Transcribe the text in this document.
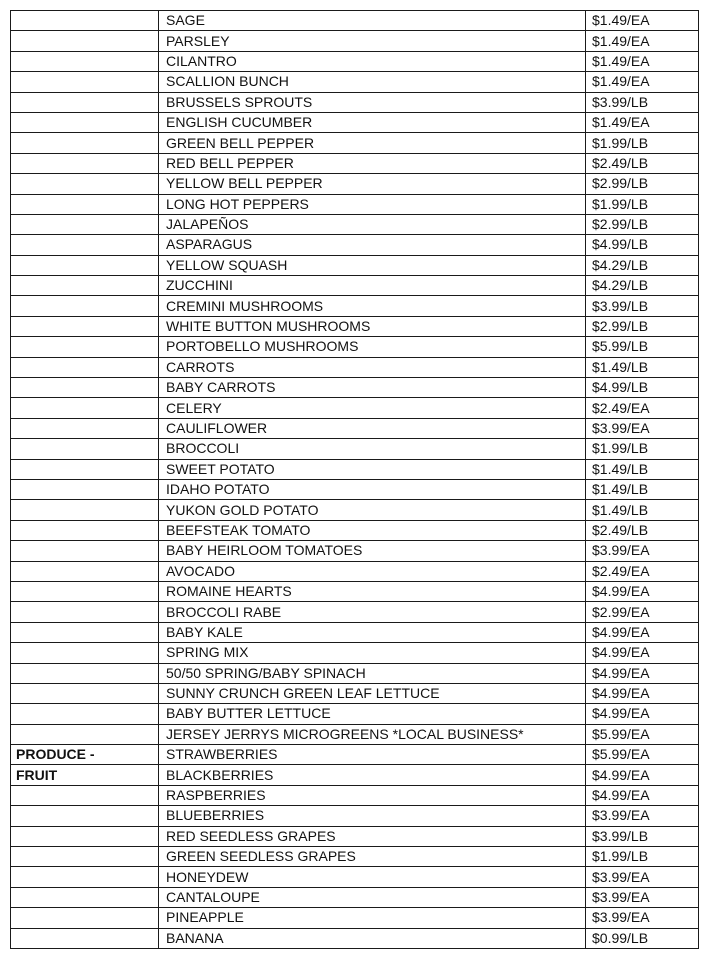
	SAGE	$1.49/EA
	PARSLEY	$1.49/EA
	CILANTRO	$1.49/EA
	SCALLION BUNCH	$1.49/EA
	BRUSSELS SPROUTS	$3.99/LB
	ENGLISH CUCUMBER	$1.49/EA
	GREEN BELL PEPPER	$1.99/LB
	RED BELL PEPPER	$2.49/LB
	YELLOW BELL PEPPER	$2.99/LB
	LONG HOT PEPPERS	$1.99/LB
	JALAPEÑOS	$2.99/LB
	ASPARAGUS	$4.99/LB
	YELLOW SQUASH	$4.29/LB
	ZUCCHINI	$4.29/LB
	CREMINI MUSHROOMS	$3.99/LB
	WHITE BUTTON MUSHROOMS	$2.99/LB
	PORTOBELLO MUSHROOMS	$5.99/LB
	CARROTS	$1.49/LB
	BABY CARROTS	$4.99/LB
	CELERY	$2.49/EA
	CAULIFLOWER	$3.99/EA
	BROCCOLI	$1.99/LB
	SWEET POTATO	$1.49/LB
	IDAHO POTATO	$1.49/LB
	YUKON GOLD POTATO	$1.49/LB
	BEEFSTEAK TOMATO	$2.49/LB
	BABY HEIRLOOM TOMATOES	$3.99/EA
	AVOCADO	$2.49/EA
	ROMAINE HEARTS	$4.99/EA
	BROCCOLI RABE	$2.99/EA
	BABY KALE	$4.99/EA
	SPRING MIX	$4.99/EA
	50/50 SPRING/BABY SPINACH	$4.99/EA
	SUNNY CRUNCH GREEN LEAF LETTUCE	$4.99/EA
	BABY BUTTER LETTUCE	$4.99/EA
	JERSEY JERRYS MICROGREENS *LOCAL BUSINESS*	$5.99/EA
PRODUCE -	STRAWBERRIES	$5.99/EA
FRUIT	BLACKBERRIES	$4.99/EA
	RASPBERRIES	$4.99/EA
	BLUEBERRIES	$3.99/EA
	RED SEEDLESS GRAPES	$3.99/LB
	GREEN SEEDLESS GRAPES	$1.99/LB
	HONEYDEW	$3.99/EA
	CANTALOUPE	$3.99/EA
	PINEAPPLE	$3.99/EA
	BANANA	$0.99/LB
